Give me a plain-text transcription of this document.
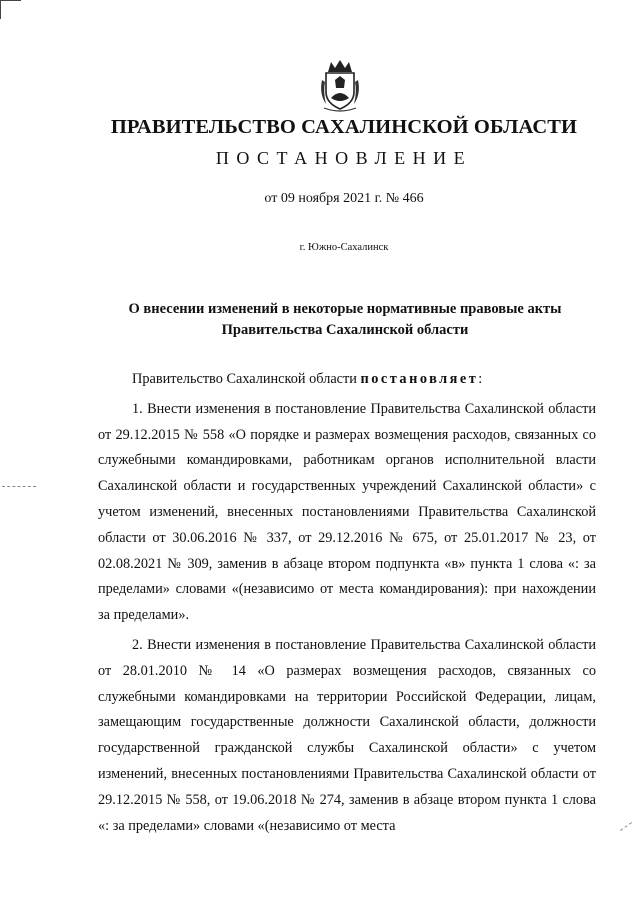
ПРАВИТЕЛЬСТВО САХАЛИНСКОЙ ОБЛАСТИ
ПОСТАНОВЛЕНИЕ
от 09 ноября 2021 г. № 466
г. Южно-Сахалинск
О внесении изменений в некоторые нормативные правовые акты
Правительства Сахалинской области

Правительство Сахалинской области постановляет:

1. Внести изменения в постановление Правительства Сахалинской области от 29.12.2015 № 558 «О порядке и размерах возмещения расходов, связанных со служебными командировками, работникам органов исполнительной власти Сахалинской области и государственных учреждений Сахалинской области» с учетом изменений, внесенных постановлениями Правительства Сахалинской области от 30.06.2016 № 337, от 29.12.2016 № 675, от 25.01.2017 № 23, от 02.08.2021 № 309, заменив в абзаце втором подпункта «в» пункта 1 слова «: за пределами» словами «(независимо от места командирования): при нахождении за пределами».

2. Внести изменения в постановление Правительства Сахалинской области от 28.01.2010 № 14 «О размерах возмещения расходов, связанных со служебными командировками на территории Российской Федерации, лицам, замещающим государственные должности Сахалинской области, должности государственной гражданской службы Сахалинской области» с учетом изменений, внесенных постановлениями Правительства Сахалинской области от 29.12.2015 № 558, от 19.06.2018 № 274, заменив в абзаце втором пункта 1 слова «: за пределами» словами «(независимо от места
